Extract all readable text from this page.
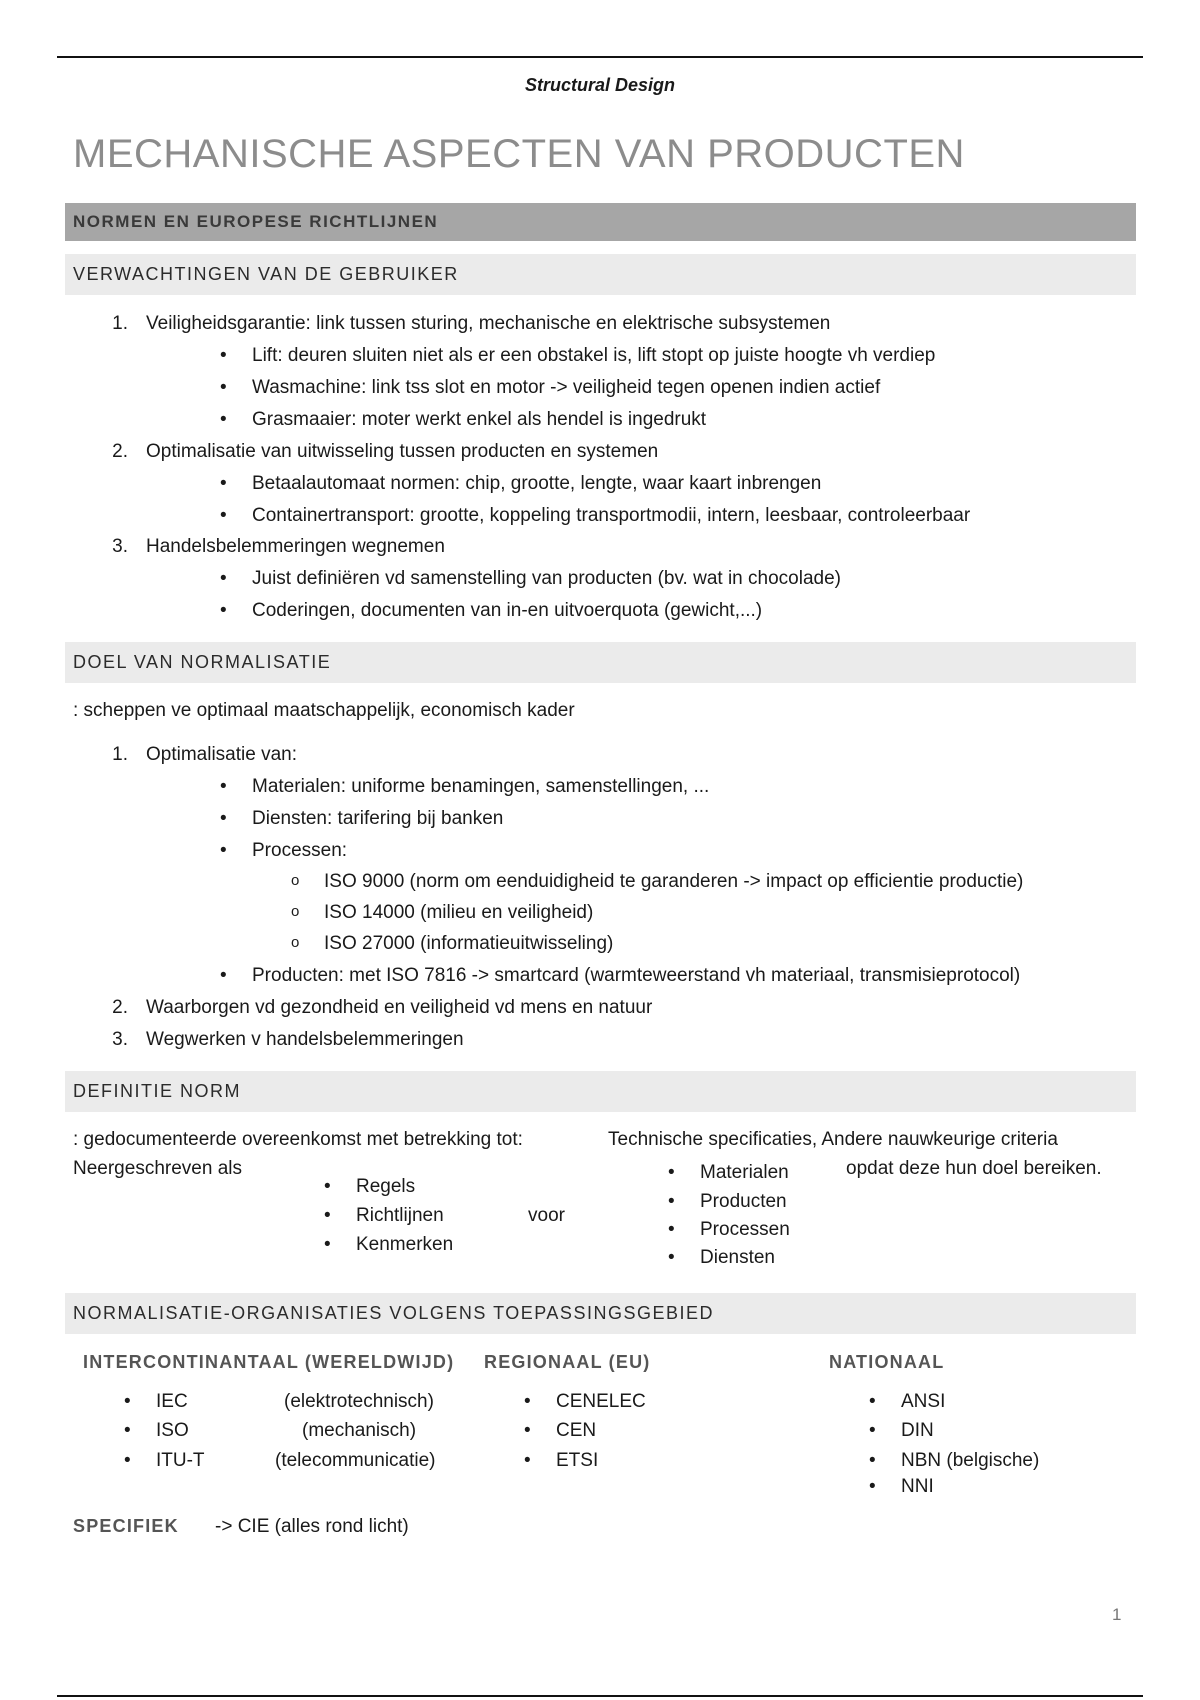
Structural Design
MECHANISCHE ASPECTEN VAN PRODUCTEN
NORMEN EN EUROPESE RICHTLIJNEN
VERWACHTINGEN VAN DE GEBRUIKER
1. Veiligheidsgarantie: link tussen sturing, mechanische en elektrische subsystemen
• Lift: deuren sluiten niet als er een obstakel is, lift stopt op juiste hoogte vh verdiep
• Wasmachine: link tss slot en motor -> veiligheid tegen openen indien actief
• Grasmaaier: moter werkt enkel als hendel is ingedrukt
2. Optimalisatie van uitwisseling tussen producten en systemen
• Betaalautomaat normen: chip, grootte, lengte, waar kaart inbrengen
• Containertransport: grootte, koppeling transportmodii, intern, leesbaar, controleerbaar
3. Handelsbelemmeringen wegnemen
• Juist definiëren vd samenstelling van producten (bv. wat in chocolade)
• Coderingen, documenten van in-en uitvoerquota (gewicht,...)
DOEL VAN NORMALISATIE
: scheppen ve optimaal maatschappelijk, economisch kader
1. Optimalisatie van:
• Materialen: uniforme benamingen, samenstellingen, ...
• Diensten: tarifering bij banken
• Processen:
o ISO 9000 (norm om eenduidigheid te garanderen -> impact op efficientie productie)
o ISO 14000 (milieu en veiligheid)
o ISO 27000 (informatieuitwisseling)
• Producten: met ISO 7816 -> smartcard (warmteweerstand vh materiaal, transmisieprotocol)
2. Waarborgen vd gezondheid en veiligheid vd mens en natuur
3. Wegwerken v handelsbelemmeringen
DEFINITIE NORM
: gedocumenteerde overeenkomst met betrekking tot:
Neergeschreven als
• Regels
• Richtlijnen
• Kenmerken
voor
Technische specificaties, Andere nauwkeurige criteria
• Materialen
• Producten
• Processen
• Diensten
opdat deze hun doel bereiken.
NORMALISATIE-ORGANISATIES VOLGENS TOEPASSINGSGEBIED
INTERCONTINANTAAL (WERELDWIJD)
• IEC	(elektrotechnisch)
• ISO	(mechanisch)
• ITU-T	(telecommunicatie)
REGIONAAL (EU)
• CENELEC
• CEN
• ETSI
NATIONAAL
• ANSI
• DIN
• NBN (belgische)
• NNI
SPECIFIEK -> CIE (alles rond licht)
1
